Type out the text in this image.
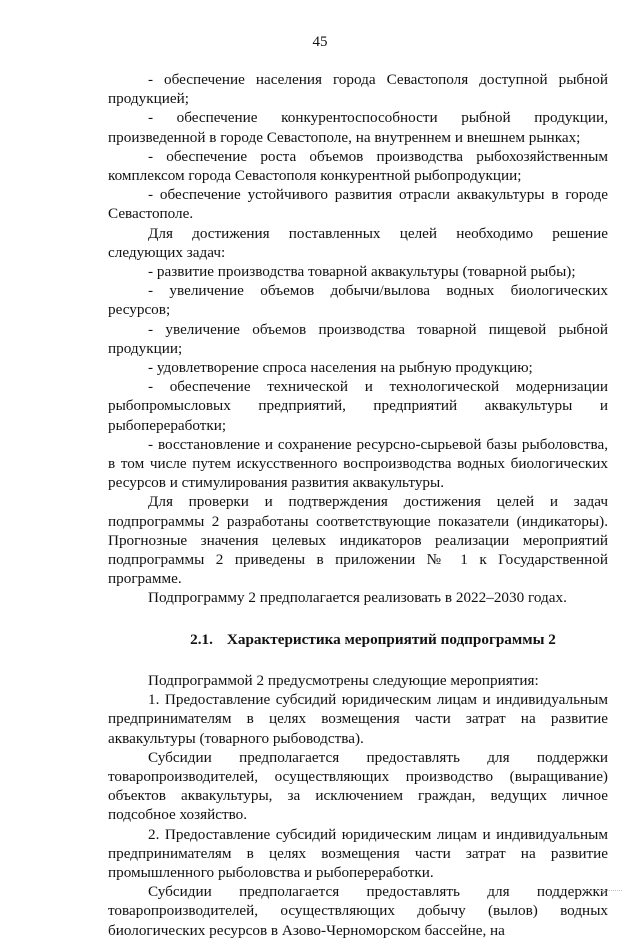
45

- обеспечение населения города Севастополя доступной рыбной продукцией;

- обеспечение конкурентоспособности рыбной продукции, произведенной в городе Севастополе, на внутреннем и внешнем рынках;

- обеспечение роста объемов производства рыбохозяйственным комплексом города Севастополя конкурентной рыбопродукции;

- обеспечение устойчивого развития отрасли аквакультуры в городе Севастополе.

Для достижения поставленных целей необходимо решение следующих задач:

- развитие производства товарной аквакультуры (товарной рыбы);

- увеличение объемов добычи/вылова водных биологических ресурсов;

- увеличение объемов производства товарной пищевой рыбной продукции;

- удовлетворение спроса населения на рыбную продукцию;

- обеспечение технической и технологической модернизации рыбопромысловых предприятий, предприятий аквакультуры и рыбопереработки;

- восстановление и сохранение ресурсно-сырьевой базы рыболовства, в том числе путем искусственного воспроизводства водных биологических ресурсов и стимулирования развития аквакультуры.

Для проверки и подтверждения достижения целей и задач подпрограммы 2 разработаны соответствующие показатели (индикаторы). Прогнозные значения целевых индикаторов реализации мероприятий подпрограммы 2 приведены в приложении № 1 к Государственной программе.

Подпрограмму 2 предполагается реализовать в 2022–2030 годах.

2.1. Характеристика мероприятий подпрограммы 2

Подпрограммой 2 предусмотрены следующие мероприятия:

1. Предоставление субсидий юридическим лицам и индивидуальным предпринимателям в целях возмещения части затрат на развитие аквакультуры (товарного рыбоводства).

Субсидии предполагается предоставлять для поддержки товаропроизводителей, осуществляющих производство (выращивание) объектов аквакультуры, за исключением граждан, ведущих личное подсобное хозяйство.

2. Предоставление субсидий юридическим лицам и индивидуальным предпринимателям в целях возмещения части затрат на развитие промышленного рыболовства и рыбопереработки.

Субсидии предполагается предоставлять для поддержки товаропроизводителей, осуществляющих добычу (вылов) водных биологических ресурсов в Азово-Черноморском бассейне, на
